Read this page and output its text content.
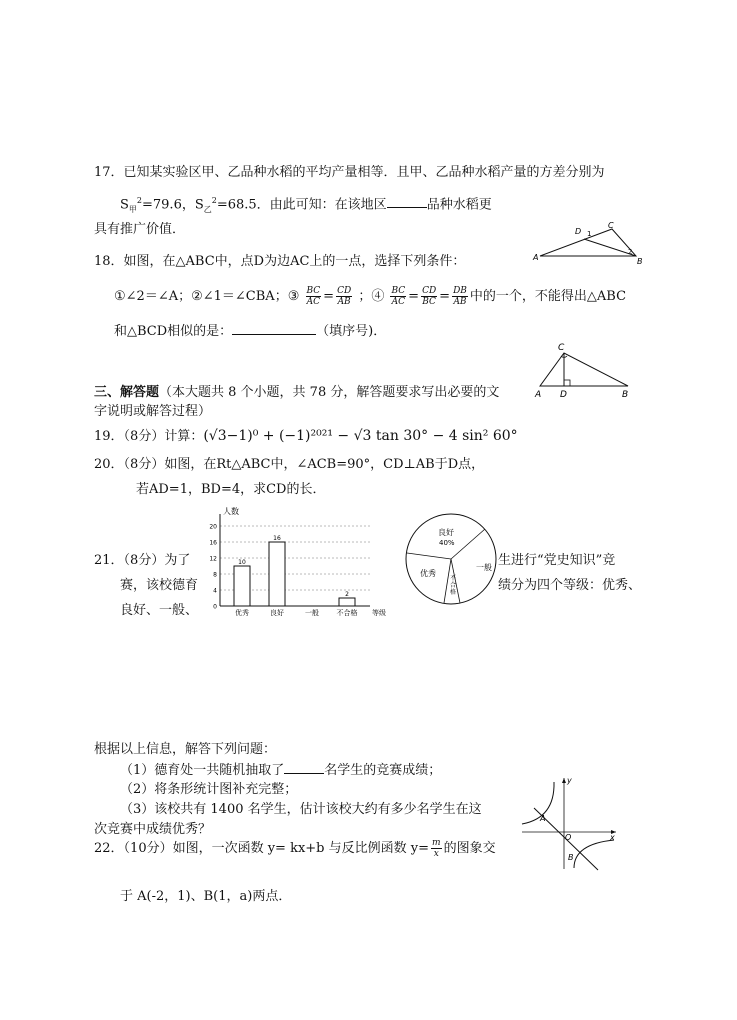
17．已知某实验区甲、乙品种水稻的平均产量相等．且甲、乙品种水稻产量的方差分别为
$S_甲^2=79.6$，$S_乙^2=68.5$．由此可知：在该地区	品种水稻更
具有推广价值．
A	B
C
D 1
2
18．如图，在△ABC中，点D为边AC上的一点，选择下列条件：
①∠2＝∠A；②∠1＝∠CBA；③ $\frac{BC}{AC} = \frac{CD}{AB}$ ；④ $\frac{BC}{AC} = \frac{CD}{BC} = \frac{DB}{AB}$ 中的一个，不能得出△ABC
和△BCD相似的是：	（填序号)．
C
A D	B
三、解答题（本大题共 8 个小题，共 78 分，解答题要求写出必要的文
字说明或解答过程）
19．（8分）计算：(√3−1)⁰ + (−1)²⁰²¹ − √3 tan 30° − 4 sin² 60°
20．（8分）如图，在Rt△ABC中，∠ACB=90°，CD⊥AB于D点，
若AD=1，BD=4，求CD的长．
21．（8分）为了	生进行“党史知识”竞
赛，该校德育	绩分为四个等级：优秀、
良好、一般、	0
4
8
12
16
20
人数
等级
10
优秀
16
良好	一般
2
不合格
良好
40%
一般
优秀
不合格
根据以上信息，解答下列问题：
（1）德育处一共随机抽取了	名学生的竞赛成绩；
（2）将条形统计图补充完整；
（3）该校共有 1400 名学生，估计该校大约有多少名学生在这
次竞赛中成绩优秀？
y
x
O
A
B
22．（10分）如图，一次函数 y= kx+b 与反比例函数 $y= \frac{m}{x}$ 的图象交
于 A(-2，1)、B(1，a)两点．
